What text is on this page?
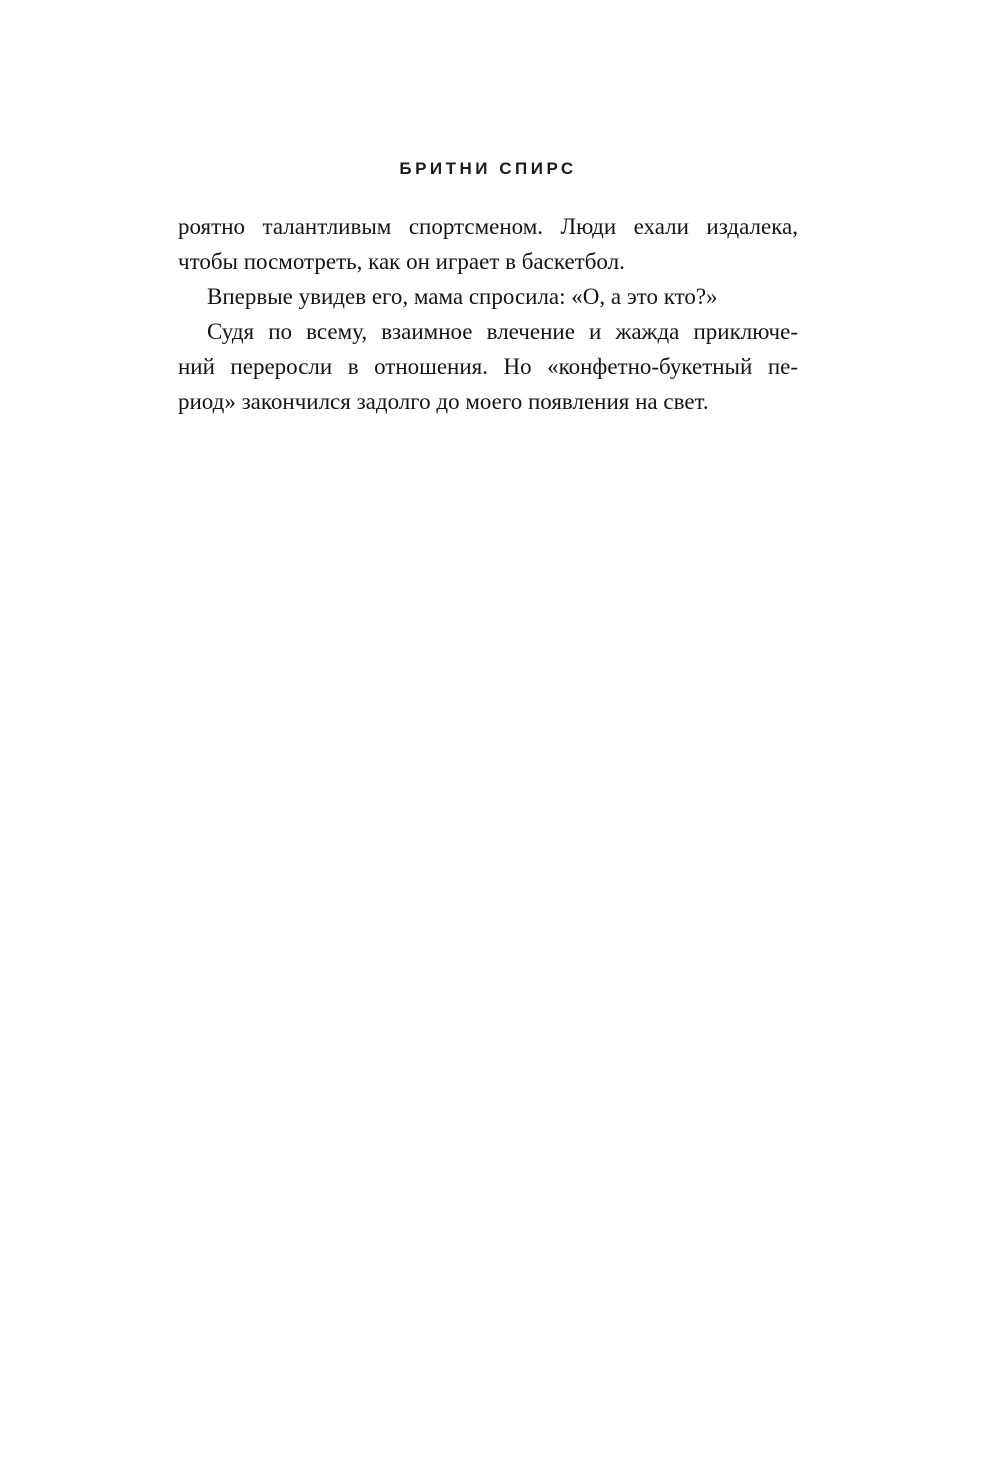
БРИТНИ СПИРС
роятно талантливым спортсменом. Люди ехали издалека,
чтобы посмотреть, как он играет в баскетбол.
Впервые увидев его, мама спросила: «О, а это кто?»
Судя по всему, взаимное влечение и жажда приключе-
ний переросли в отношения. Но «конфетно-букетный пе-
риод» закончился задолго до моего появления на свет.
